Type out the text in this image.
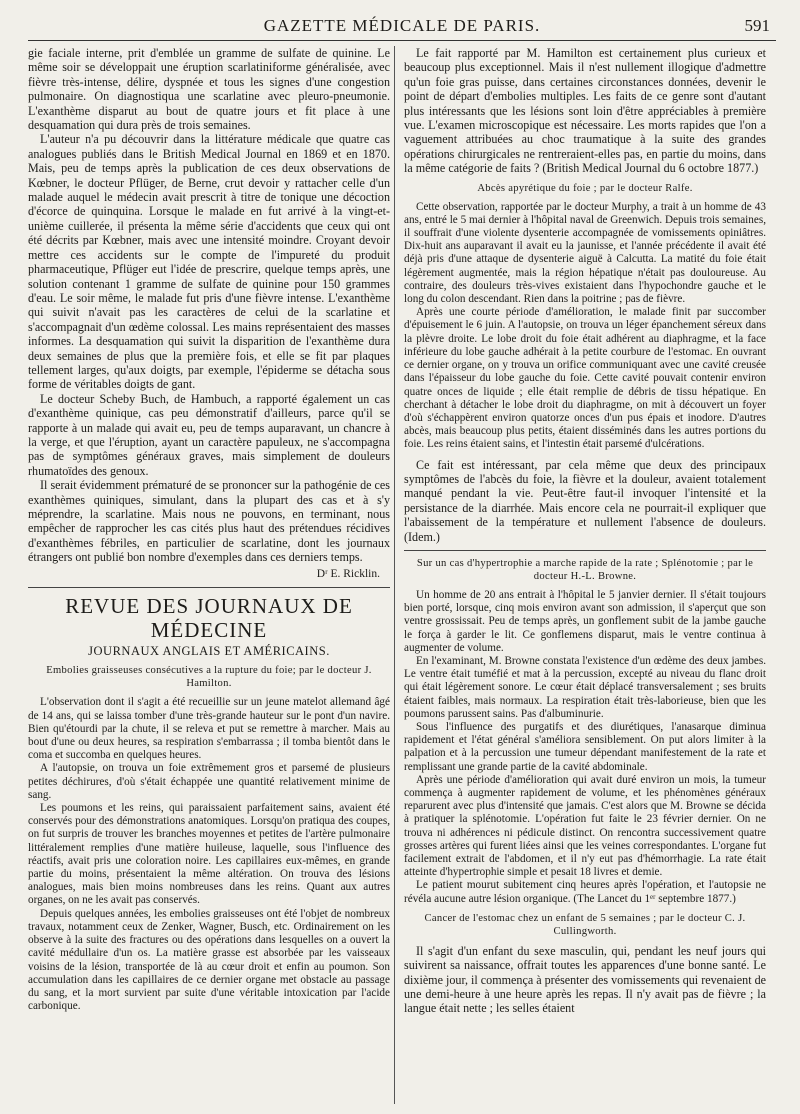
GAZETTE MÉDICALE DE PARIS.	591

gie faciale interne, prit d'emblée un gramme de sulfate de quinine. Le même soir se développait une éruption scarlatiniforme généralisée, avec fièvre très-intense, délire, dyspnée et tous les signes d'une congestion pulmonaire. On diagnostiqua une scarlatine avec pleuro-pneumonie. L'exanthème disparut au bout de quatre jours et fit place à une desquamation qui dura près de trois semaines.

L'auteur n'a pu découvrir dans la littérature médicale que quatre cas analogues publiés dans le British Medical Journal en 1869 et en 1870. Mais, peu de temps après la publication de ces deux observations de Kœbner, le docteur Pflüger, de Berne, crut devoir y rattacher celle d'un malade auquel le médecin avait prescrit à titre de tonique une décoction d'écorce de quinquina. Lorsque le malade en fut arrivé à la vingt-et-unième cuillerée, il présenta la même série d'accidents que ceux qui ont été décrits par Kœbner, mais avec une intensité moindre. Croyant devoir mettre ces accidents sur le compte de l'impureté du produit pharmaceutique, Pflüger eut l'idée de prescrire, quelque temps après, une solution contenant 1 gramme de sulfate de quinine pour 150 grammes d'eau. Le soir même, le malade fut pris d'une fièvre intense. L'exanthème qui suivit n'avait pas les caractères de celui de la scarlatine et s'accompagnait d'un œdème colossal. Les mains représentaient des masses informes. La desquamation qui suivit la disparition de l'exanthème dura deux semaines de plus que la première fois, et elle se fit par plaques tellement larges, qu'aux doigts, par exemple, l'épiderme se détacha sous forme de véritables doigts de gant.

Le docteur Scheby Buch, de Hambuch, a rapporté également un cas d'exanthème quinique, cas peu démonstratif d'ailleurs, parce qu'il se rapporte à un malade qui avait eu, peu de temps auparavant, un chancre à la verge, et que l'éruption, ayant un caractère papuleux, ne s'accompagna pas de symptômes généraux graves, mais simplement de douleurs rhumatoïdes des genoux.

Il serait évidemment prématuré de se prononcer sur la pathogénie de ces exanthèmes quiniques, simulant, dans la plupart des cas et à s'y méprendre, la scarlatine. Mais nous ne pouvons, en terminant, nous empêcher de rapprocher les cas cités plus haut des prétendues récidives d'exanthèmes fébriles, en particulier de scarlatine, dont les journaux étrangers ont publié bon nombre d'exemples dans ces derniers temps.

Dʳ E. Ricklin.
REVUE DES JOURNAUX DE MÉDECINE
JOURNAUX ANGLAIS ET AMÉRICAINS.
Embolies graisseuses consécutives a la rupture du foie; par le docteur J. Hamilton.

L'observation dont il s'agit a été recueillie sur un jeune matelot allemand âgé de 14 ans, qui se laissa tomber d'une très-grande hauteur sur le pont d'un navire. Bien qu'étourdi par la chute, il se releva et put se remettre à marcher. Mais au bout d'une ou deux heures, sa respiration s'embarrassa ; il tomba bientôt dans le coma et succomba en quelques heures.

A l'autopsie, on trouva un foie extrêmement gros et parsemé de plusieurs petites déchirures, d'où s'était échappée une quantité relativement minime de sang.

Les poumons et les reins, qui paraissaient parfaitement sains, avaient été conservés pour des démonstrations anatomiques. Lorsqu'on pratiqua des coupes, on fut surpris de trouver les branches moyennes et petites de l'artère pulmonaire littéralement remplies d'une matière huileuse, laquelle, sous l'influence des réactifs, avait pris une coloration noire. Les capillaires eux-mêmes, en grande partie du moins, présentaient la même altération. On trouva des lésions analogues, mais bien moins nombreuses dans les reins. Quant aux autres organes, on ne les avait pas conservés.

Depuis quelques années, les embolies graisseuses ont été l'objet de nombreux travaux, notamment ceux de Zenker, Wagner, Busch, etc. Ordinairement on les observe à la suite des fractures ou des opérations dans lesquelles on a ouvert la cavité médullaire d'un os. La matière grasse est absorbée par les vaisseaux voisins de la lésion, transportée de là au cœur droit et enfin au poumon. Son accumulation dans les capillaires de ce dernier organe met obstacle au passage du sang, et la mort survient par suite d'une véritable intoxication par l'acide carbonique.

Le fait rapporté par M. Hamilton est certainement plus curieux et beaucoup plus exceptionnel. Mais il n'est nullement illogique d'admettre qu'un foie gras puisse, dans certaines circonstances données, devenir le point de départ d'embolies multiples. Les faits de ce genre sont d'autant plus intéressants que les lésions sont loin d'être appréciables à première vue. L'examen microscopique est nécessaire. Les morts rapides que l'on a vaguement attribuées au choc traumatique à la suite des grandes opérations chirurgicales ne rentreraient-elles pas, en partie du moins, dans la même catégorie de faits ? (British Medical Journal du 6 octobre 1877.)

Abcès apyrétique du foie ; par le docteur Ralfe.

Cette observation, rapportée par le docteur Murphy, a trait à un homme de 43 ans, entré le 5 mai dernier à l'hôpital naval de Greenwich. Depuis trois semaines, il souffrait d'une violente dysenterie accompagnée de vomissements opiniâtres. Dix-huit ans auparavant il avait eu la jaunisse, et l'année précédente il avait été déjà pris d'une attaque de dysenterie aiguë à Calcutta. La matité du foie était légèrement augmentée, mais la région hépatique n'était pas douloureuse. Au contraire, des douleurs très-vives existaient dans l'hypochondre gauche et le long du colon descendant. Rien dans la poitrine ; pas de fièvre.

Après une courte période d'amélioration, le malade finit par succomber d'épuisement le 6 juin. A l'autopsie, on trouva un léger épanchement séreux dans la plèvre droite. Le lobe droit du foie était adhérent au diaphragme, et la face inférieure du lobe gauche adhérait à la petite courbure de l'estomac. En ouvrant ce dernier organe, on y trouva un orifice communiquant avec une cavité creusée dans l'épaisseur du lobe gauche du foie. Cette cavité pouvait contenir environ quatre onces de liquide ; elle était remplie de débris de tissu hépatique. En cherchant à détacher le lobe droit du diaphragme, on mit à découvert un foyer d'où s'échappèrent environ quatorze onces d'un pus épais et inodore. D'autres abcès, mais beaucoup plus petits, étaient disséminés dans les autres portions du foie. Les reins étaient sains, et l'intestin était parsemé d'ulcérations.

Ce fait est intéressant, par cela même que deux des principaux symptômes de l'abcès du foie, la fièvre et la douleur, avaient totalement manqué pendant la vie. Peut-être faut-il invoquer l'intensité et la persistance de la diarrhée. Mais encore cela ne pourrait-il expliquer que l'abaissement de la température et nullement l'absence de douleurs. (Idem.)

Sur un cas d'hypertrophie a marche rapide de la rate ; Splénotomie ; par le docteur H.-L. Browne.

Un homme de 20 ans entrait à l'hôpital le 5 janvier dernier. Il s'était toujours bien porté, lorsque, cinq mois environ avant son admission, il s'aperçut que son ventre grossissait. Peu de temps après, un gonflement subit de la jambe gauche le força à garder le lit. Ce gonflemens disparut, mais le ventre continua à augmenter de volume.

En l'examinant, M. Browne constata l'existence d'un œdème des deux jambes. Le ventre était tuméfié et mat à la percussion, excepté au niveau du flanc droit qui était légèrement sonore. Le cœur était déplacé transversalement ; ses bruits étaient faibles, mais normaux. La respiration était très-laborieuse, bien que les poumons parussent sains. Pas d'albuminurie.

Sous l'influence des purgatifs et des diurétiques, l'anasarque diminua rapidement et l'état général s'améliora sensiblement. On put alors limiter à la palpation et à la percussion une tumeur dépendant manifestement de la rate et remplissant une grande partie de la cavité abdominale.

Après une période d'amélioration qui avait duré environ un mois, la tumeur commença à augmenter rapidement de volume, et les phénomènes généraux reparurent avec plus d'intensité que jamais. C'est alors que M. Browne se décida à pratiquer la splénotomie. L'opération fut faite le 23 février dernier. On ne trouva ni adhérences ni pédicule distinct. On rencontra successivement quatre grosses artères qui furent liées ainsi que les veines correspondantes. L'organe fut facilement extrait de l'abdomen, et il n'y eut pas d'hémorrhagie. La rate était atteinte d'hypertrophie simple et pesait 18 livres et demie.

Le patient mourut subitement cinq heures après l'opération, et l'autopsie ne révéla aucune autre lésion organique. (The Lancet du 1ᵉʳ septembre 1877.)

Cancer de l'estomac chez un enfant de 5 semaines ; par le docteur C. J. Cullingworth.

Il s'agit d'un enfant du sexe masculin, qui, pendant les neuf jours qui suivirent sa naissance, offrait toutes les apparences d'une bonne santé. Le dixième jour, il commença à présenter des vomissements qui revenaient de une demi-heure à une heure après les repas. Il n'y avait pas de fièvre ; la langue était nette ; les selles étaient
